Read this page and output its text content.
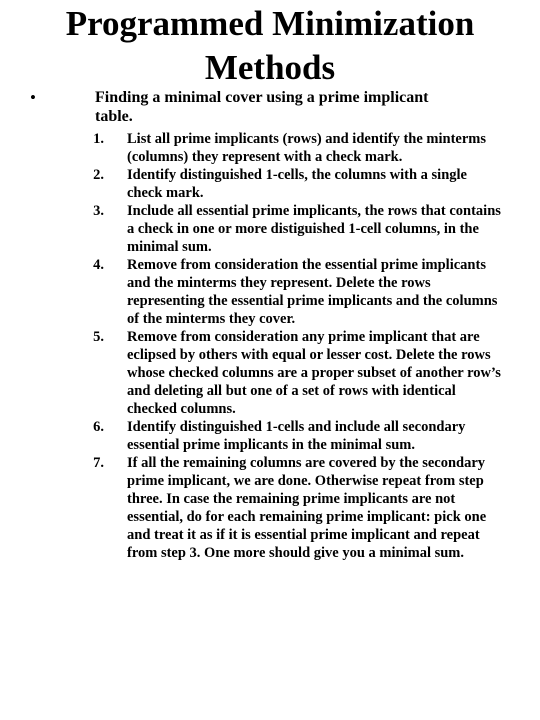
Programmed Minimization
Methods
•	Finding a minimal cover using a prime implicant table.
1. List all prime implicants (rows) and identify the minterms (columns) they represent with a check mark.
2. Identify distinguished 1-cells, the columns with a single check mark.
3. Include all essential prime implicants, the rows that contains a check in one or more distiguished 1-cell columns, in the minimal sum.
4. Remove from consideration the essential prime implicants and the minterms they represent. Delete the rows representing the essential prime implicants and the columns of the minterms they cover.
5. Remove from consideration any prime implicant that are eclipsed by others with equal or lesser cost. Delete the rows whose checked columns are a proper subset of another row’s and deleting all but one of a set of rows with identical checked columns.
6. Identify distinguished 1-cells and include all secondary essential prime implicants in the minimal sum.
7. If all the remaining columns are covered by the secondary prime implicant, we are done. Otherwise repeat from step three. In case the remaining prime implicants are not essential, do for each remaining prime implicant: pick one and treat it as if it is essential prime implicant and repeat from step 3. One more should give you a minimal sum.
